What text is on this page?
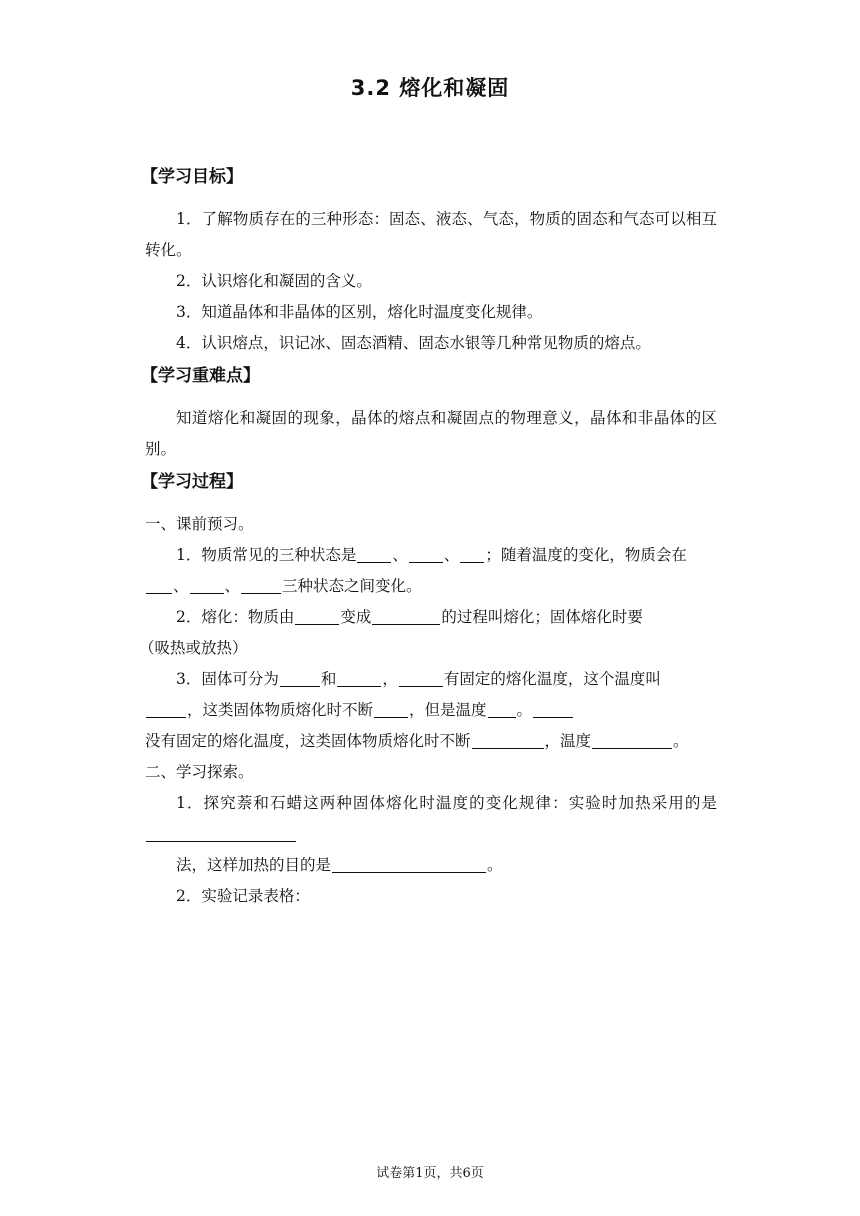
3.2 熔化和凝固
【学习目标】
1．了解物质存在的三种形态：固态、液态、气态，物质的固态和气态可以相互转化。
2．认识熔化和凝固的含义。
3．知道晶体和非晶体的区别，熔化时温度变化规律。
4．认识熔点，识记冰、固态酒精、固态水银等几种常见物质的熔点。
【学习重难点】
知道熔化和凝固的现象，晶体的熔点和凝固点的物理意义，晶体和非晶体的区别。
【学习过程】
一、课前预习。
1．物质常见的三种状态是 、 、 ；随着温度的变化，物质会在
、 、	三种状态之间变化。
2．熔化：物质由	变成	的过程叫熔化；固体熔化时要
（吸热或放热）
3．固体可分为	和	，	有固定的熔化温度，这个温度叫
，这类固体物质熔化时不断 ，但是温度 。
没有固定的熔化温度，这类固体物质熔化时不断	，温度	。
二、学习探索。
1．探究萘和石蜡这两种固体熔化时温度的变化规律：实验时加热采用的是
法，这样加热的目的是	。
2．实验记录表格：
试卷第1页，共6页
